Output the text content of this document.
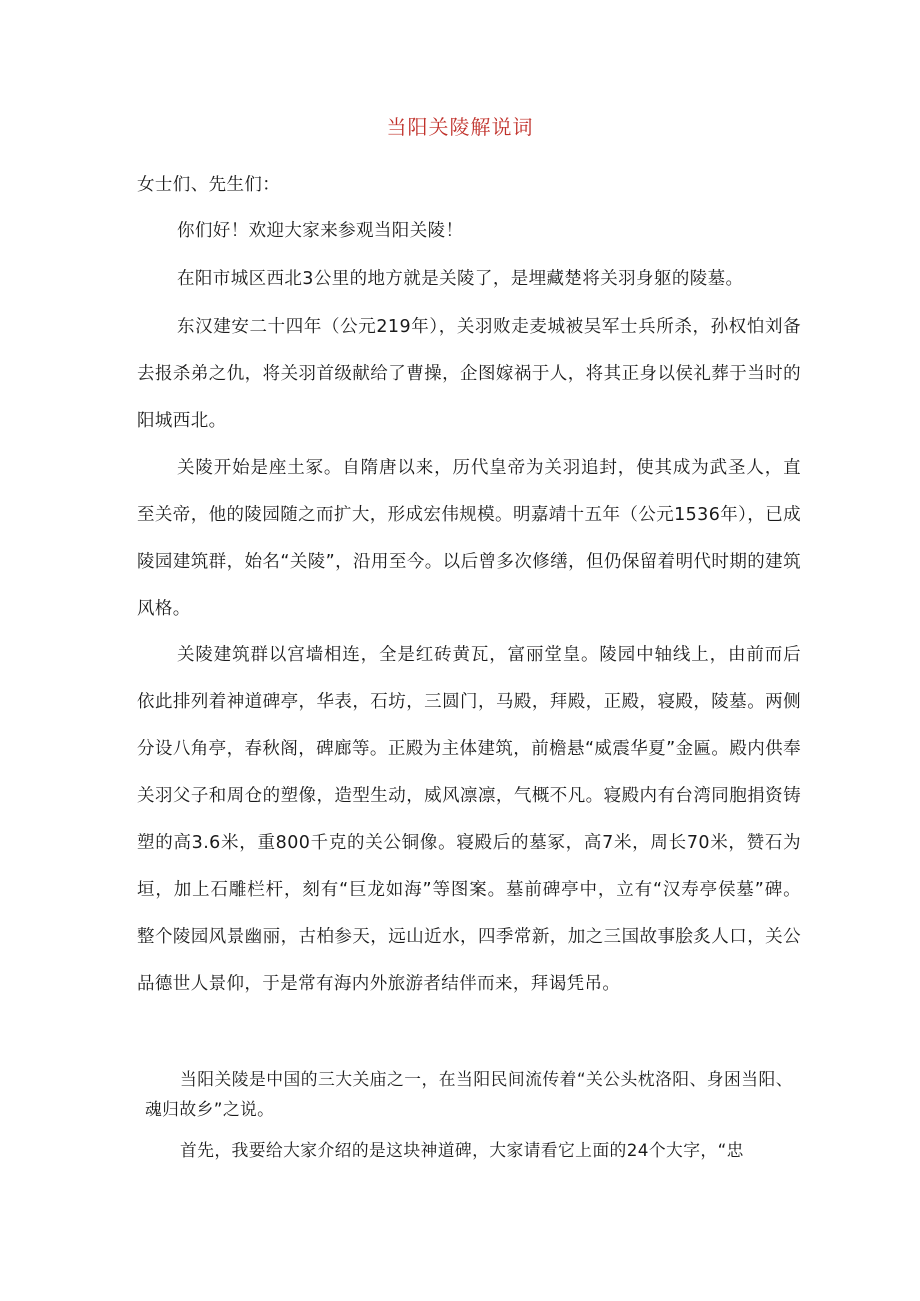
当阳关陵解说词

女士们、先生们：

你们好！欢迎大家来参观当阳关陵！

在阳市城区西北3公里的地方就是关陵了，是埋藏楚将关羽身躯的陵墓。

东汉建安二十四年（公元219年），关羽败走麦城被吴军士兵所杀，孙权怕刘备去报杀弟之仇，将关羽首级献给了曹操，企图嫁祸于人，将其正身以侯礼葬于当时的阳城西北。

关陵开始是座土冢。自隋唐以来，历代皇帝为关羽追封，使其成为武圣人，直至关帝，他的陵园随之而扩大，形成宏伟规模。明嘉靖十五年（公元1536年），已成陵园建筑群，始名“关陵”，沿用至今。以后曾多次修缮，但仍保留着明代时期的建筑风格。

关陵建筑群以宫墙相连，全是红砖黄瓦，富丽堂皇。陵园中轴线上，由前而后依此排列着神道碑亭，华表，石坊，三圆门，马殿，拜殿，正殿，寝殿，陵墓。两侧分设八角亭，春秋阁，碑廊等。正殿为主体建筑，前檐悬“威震华夏”金匾。殿内供奉关羽父子和周仓的塑像，造型生动，威风凛凛，气概不凡。寝殿内有台湾同胞捐资铸塑的高3.6米，重800千克的关公铜像。寝殿后的墓冢，高7米，周长70米，赞石为垣，加上石雕栏杆，刻有“巨龙如海”等图案。墓前碑亭中，立有“汉寿亭侯墓”碑。整个陵园风景幽丽，古柏参天，远山近水，四季常新，加之三国故事脍炙人口，关公品德世人景仰，于是常有海内外旅游者结伴而来，拜谒凭吊。

当阳关陵是中国的三大关庙之一，在当阳民间流传着“关公头枕洛阳、身困当阳、魂归故乡”之说。

首先，我要给大家介绍的是这块神道碑，大家请看它上面的24个大字，“忠
